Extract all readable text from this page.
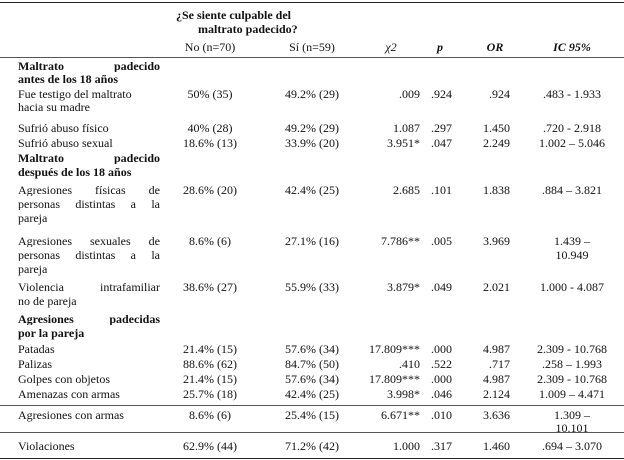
¿Se siente culpable del
maltrato padecido?
No (n=70)	Sí (n=59)	χ2	p	OR	IC 95%
Maltrato padecido
antes de los 18 años
Fue testigo del maltrato
hacia su madre
50% (35)	49.2% (29)	.009 .924	.924	.483 - 1.933
Sufrió abuso físico	40% (28)	49.2% (29)	1.087 .297	1.450	.720 - 2.918
Sufrió abuso sexual	18.6% (13)	33.9% (20)	3.951* .047	2.249	1.002 – 5.046
Maltrato padecido
después de los 18 años
Agresiones físicas de
personas distintas a la
pareja
28.6% (20)	42.4% (25)	2.685 .101	1.838	.884 – 3.821
Agresiones sexuales de
personas distintas a la
pareja
8.6% (6)	27.1% (16)	7.786** .005	3.969	1.439 –
10.949
Violencia intrafamiliar
no de pareja
38.6% (27)	55.9% (33)	3.879* .049	2.021	1.000 - 4.087
Agresiones padecidas
por la pareja
Patadas	21.4% (15)	57.6% (34)	17.809*** .000	4.987	2.309 - 10.768
Palizas	88.6% (62)	84.7% (50)	.410 .522	.717	.258 – 1.993
Golpes con objetos	21.4% (15)	57.6% (34)	17.809*** .000	4.987	2.309 - 10.768
Amenazas con armas	25.7% (18)	42.4% (25)	3.998* .046	2.124	1.009 – 4.471
Agresiones con armas	8.6% (6)	25.4% (15)	6.671** .010	3.636	1.309 –
10.101
Violaciones	62.9% (44)	71.2% (42)	1.000 .317	1.460	.694 – 3.070
